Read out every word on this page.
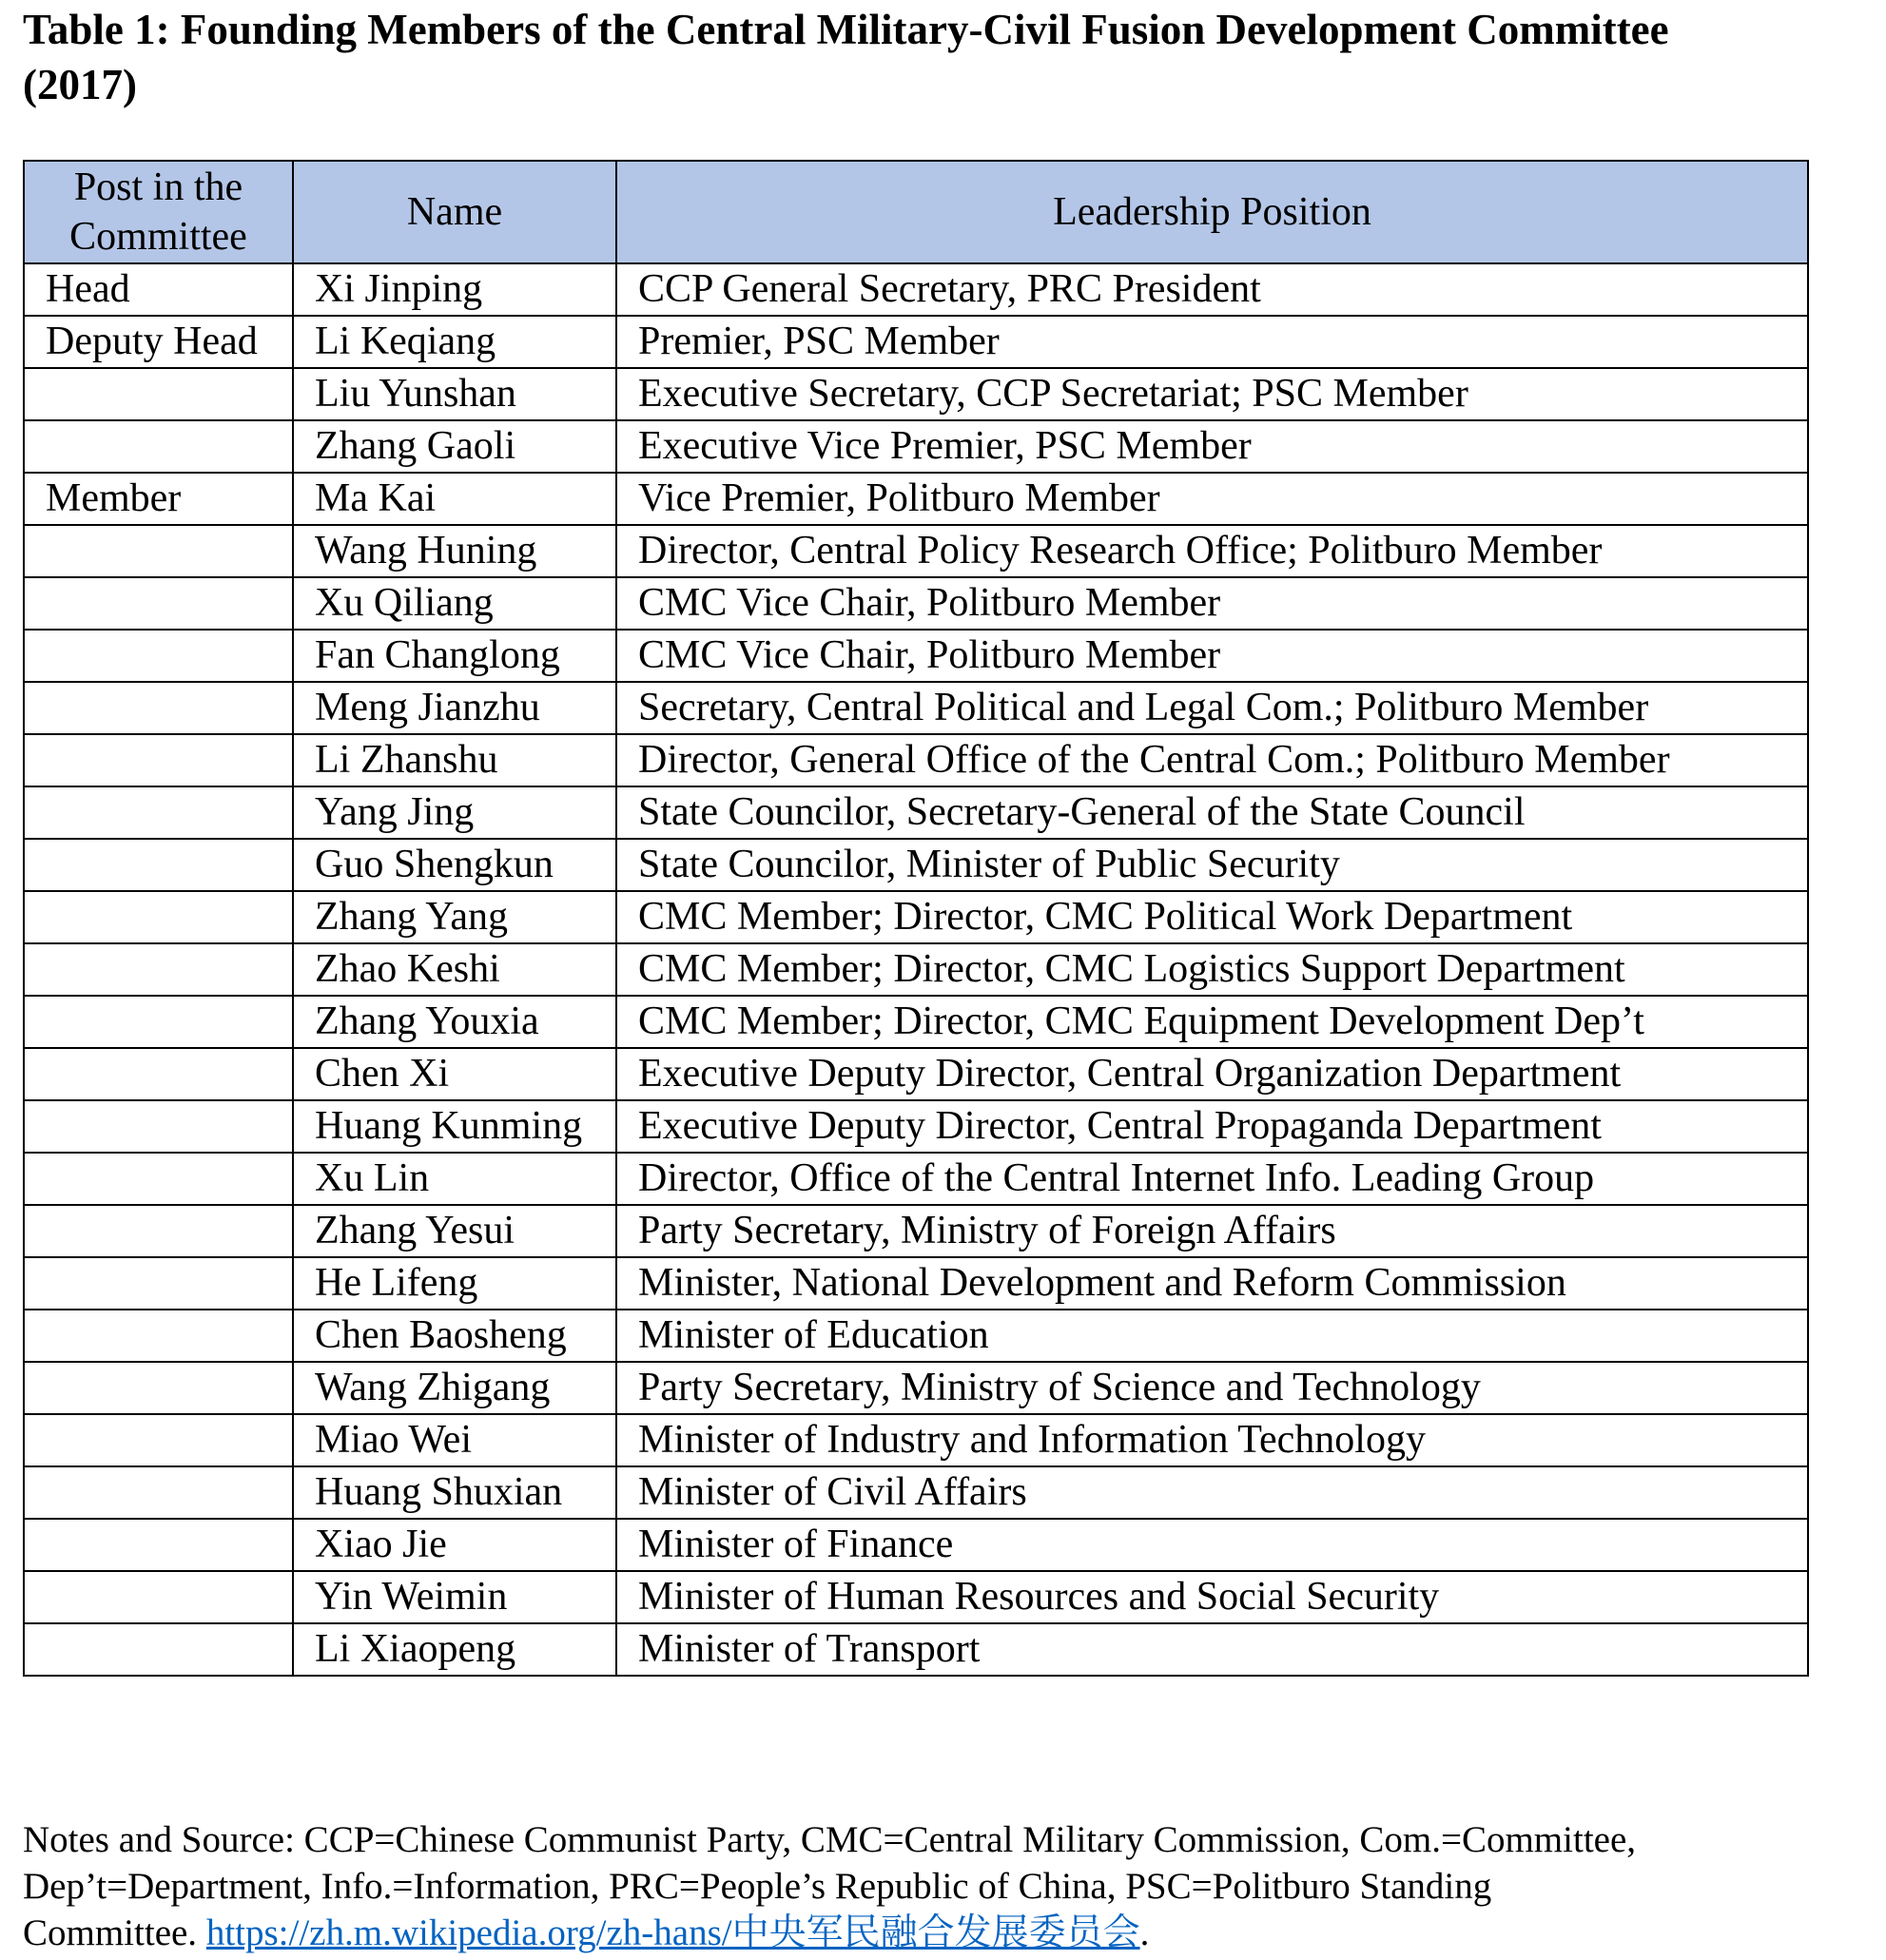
Table 1: Founding Members of the Central Military-Civil Fusion Development Committee
(2017)
Post in the Committee	Name	Leadership Position
Head	Xi Jinping	CCP General Secretary, PRC President
Deputy Head	Li Keqiang	Premier, PSC Member
	Liu Yunshan	Executive Secretary, CCP Secretariat; PSC Member
	Zhang Gaoli	Executive Vice Premier, PSC Member
Member	Ma Kai	Vice Premier, Politburo Member
	Wang Huning	Director, Central Policy Research Office; Politburo Member
	Xu Qiliang	CMC Vice Chair, Politburo Member
	Fan Changlong	CMC Vice Chair, Politburo Member
	Meng Jianzhu	Secretary, Central Political and Legal Com.; Politburo Member
	Li Zhanshu	Director, General Office of the Central Com.; Politburo Member
	Yang Jing	State Councilor, Secretary-General of the State Council
	Guo Shengkun	State Councilor, Minister of Public Security
	Zhang Yang	CMC Member; Director, CMC Political Work Department
	Zhao Keshi	CMC Member; Director, CMC Logistics Support Department
	Zhang Youxia	CMC Member; Director, CMC Equipment Development Dep’t
	Chen Xi	Executive Deputy Director, Central Organization Department
	Huang Kunming	Executive Deputy Director, Central Propaganda Department
	Xu Lin	Director, Office of the Central Internet Info. Leading Group
	Zhang Yesui	Party Secretary, Ministry of Foreign Affairs
	He Lifeng	Minister, National Development and Reform Commission
	Chen Baosheng	Minister of Education
	Wang Zhigang	Party Secretary, Ministry of Science and Technology
	Miao Wei	Minister of Industry and Information Technology
	Huang Shuxian	Minister of Civil Affairs
	Xiao Jie	Minister of Finance
	Yin Weimin	Minister of Human Resources and Social Security
	Li Xiaopeng	Minister of Transport

Notes and Source: CCP=Chinese Communist Party, CMC=Central Military Commission, Com.=Committee,
Dep’t=Department, Info.=Information, PRC=People’s Republic of China, PSC=Politburo Standing
Committee. https://zh.m.wikipedia.org/zh-hans/中央军民融合发展委员会.
